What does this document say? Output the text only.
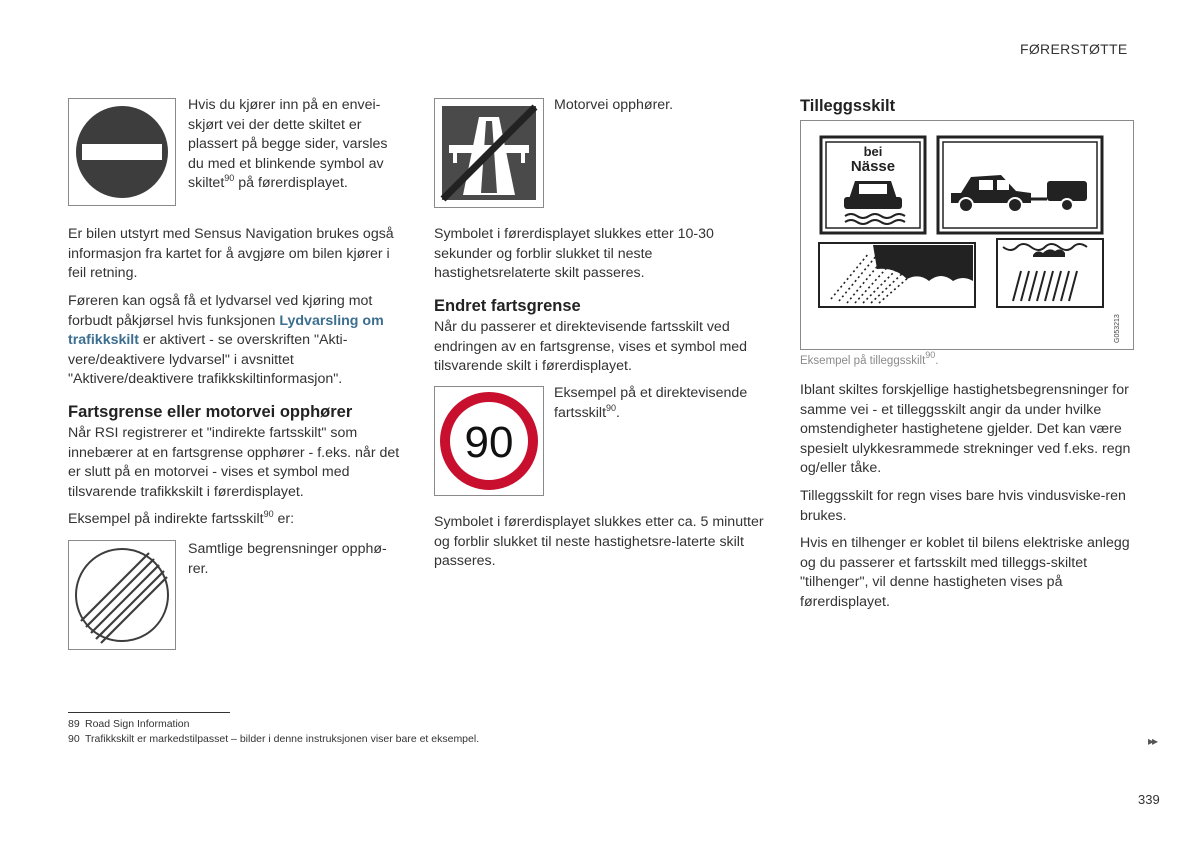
FØRERSTØTTE

Hvis du kjører inn på en envei-skjørt vei der dette skiltet er plassert på begge sider, varsles du med et blinkende symbol av skiltet$^{90}$ på førerdisplayet.

Er bilen utstyrt med Sensus Navigation brukes også informasjon fra kartet for å avgjøre om bilen kjører i feil retning.

Føreren kan også få et lydvarsel ved kjøring mot forbudt påkjørsel hvis funksjonen Lydvarsling om trafikkskilt er aktivert - se overskriften "Akti-vere/deaktivere lydvarsel" i avsnittet "Aktivere/deaktivere trafikkskiltinformasjon".

Fartsgrense eller motorvei opphører

Når RSI registrerer et "indirekte fartsskilt" som innebærer at en fartsgrense opphører - f.eks. når det er slutt på en motorvei - vises et symbol med tilsvarende trafikkskilt i førerdisplayet.

Eksempel på indirekte fartsskilt$^{90}$ er:

Samtlige begrensninger opphø-rer.

Motorvei opphører.

Symbolet i førerdisplayet slukkes etter 10-30 sekunder og forblir slukket til neste hastighetsrelaterte skilt passeres.

Endret fartsgrense

Når du passerer et direktevisende fartsskilt ved endringen av en fartsgrense, vises et symbol med tilsvarende skilt i førerdisplayet.

90

Eksempel på et direktevisende fartsskilt$^{90}$.

Symbolet i førerdisplayet slukkes etter ca. 5 minutter og forblir slukket til neste hastighetsre-laterte skilt passeres.

Tilleggsskilt
bei
Nässe
G053213

Eksempel på tilleggsskilt$^{90}$.

Iblant skiltes forskjellige hastighetsbegrensninger for samme vei - et tilleggsskilt angir da under hvilke omstendigheter hastighetene gjelder. Det kan være spesielt ulykkesrammede strekninger ved f.eks. regn og/eller tåke.

Tilleggsskilt for regn vises bare hvis vindusviske-ren brukes.

Hvis en tilhenger er koblet til bilens elektriske anlegg og du passerer et fartsskilt med tilleggs-skiltet "tilhenger", vil denne hastigheten vises på førerdisplayet.

89 Road Sign Information
90 Trafikkskilt er markedstilpasset – bilder i denne instruksjonen viser bare et eksempel.	▸▸
339
